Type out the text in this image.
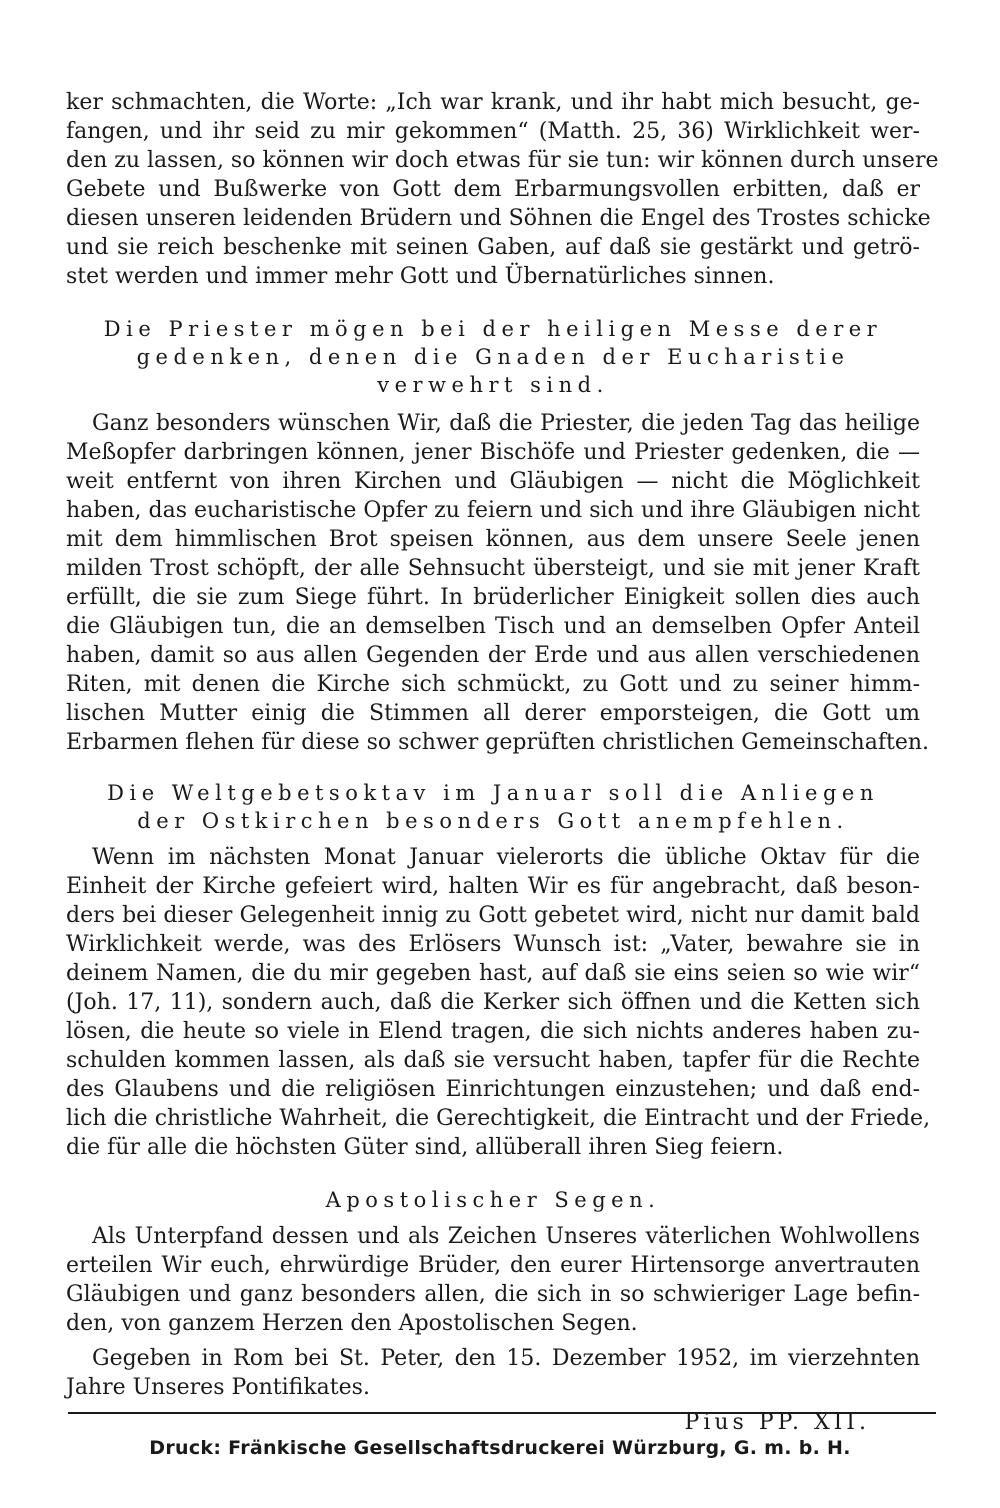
ker schmachten, die Worte: „Ich war krank, und ihr habt mich besucht, ge-
fangen, und ihr seid zu mir gekommen“ (Matth. 25, 36) Wirklichkeit wer-
den zu lassen, so können wir doch etwas für sie tun: wir können durch unsere
Gebete und Bußwerke von Gott dem Erbarmungsvollen erbitten, daß er
diesen unseren leidenden Brüdern und Söhnen die Engel des Trostes schicke
und sie reich beschenke mit seinen Gaben, auf daß sie gestärkt und getrö-
stet werden und immer mehr Gott und Übernatürliches sinnen.
Die Priester mögen bei der heiligen Messe derer
gedenken, denen die Gnaden der Eucharistie
verwehrt sind.
Ganz besonders wünschen Wir, daß die Priester, die jeden Tag das heilige
Meßopfer darbringen können, jener Bischöfe und Priester gedenken, die —
weit entfernt von ihren Kirchen und Gläubigen — nicht die Möglichkeit
haben, das eucharistische Opfer zu feiern und sich und ihre Gläubigen nicht
mit dem himmlischen Brot speisen können, aus dem unsere Seele jenen
milden Trost schöpft, der alle Sehnsucht übersteigt, und sie mit jener Kraft
erfüllt, die sie zum Siege führt. In brüderlicher Einigkeit sollen dies auch
die Gläubigen tun, die an demselben Tisch und an demselben Opfer Anteil
haben, damit so aus allen Gegenden der Erde und aus allen verschiedenen
Riten, mit denen die Kirche sich schmückt, zu Gott und zu seiner himm-
lischen Mutter einig die Stimmen all derer emporsteigen, die Gott um
Erbarmen flehen für diese so schwer geprüften christlichen Gemeinschaften.
Die Weltgebetsoktav im Januar soll die Anliegen
der Ostkirchen besonders Gott anempfehlen.
Wenn im nächsten Monat Januar vielerorts die übliche Oktav für die
Einheit der Kirche gefeiert wird, halten Wir es für angebracht, daß beson-
ders bei dieser Gelegenheit innig zu Gott gebetet wird, nicht nur damit bald
Wirklichkeit werde, was des Erlösers Wunsch ist: „Vater, bewahre sie in
deinem Namen, die du mir gegeben hast, auf daß sie eins seien so wie wir“
(Joh. 17, 11), sondern auch, daß die Kerker sich öffnen und die Ketten sich
lösen, die heute so viele in Elend tragen, die sich nichts anderes haben zu-
schulden kommen lassen, als daß sie versucht haben, tapfer für die Rechte
des Glaubens und die religiösen Einrichtungen einzustehen; und daß end-
lich die christliche Wahrheit, die Gerechtigkeit, die Eintracht und der Friede,
die für alle die höchsten Güter sind, allüberall ihren Sieg feiern.
Apostolischer Segen.
Als Unterpfand dessen und als Zeichen Unseres väterlichen Wohlwollens
erteilen Wir euch, ehrwürdige Brüder, den eurer Hirtensorge anvertrauten
Gläubigen und ganz besonders allen, die sich in so schwieriger Lage befin-
den, von ganzem Herzen den Apostolischen Segen.
Gegeben in Rom bei St. Peter, den 15. Dezember 1952, im vierzehnten
Jahre Unseres Pontifikates.
Pius PP. XII.
Druck: Fränkische Gesellschaftsdruckerei Würzburg, G. m. b. H.
